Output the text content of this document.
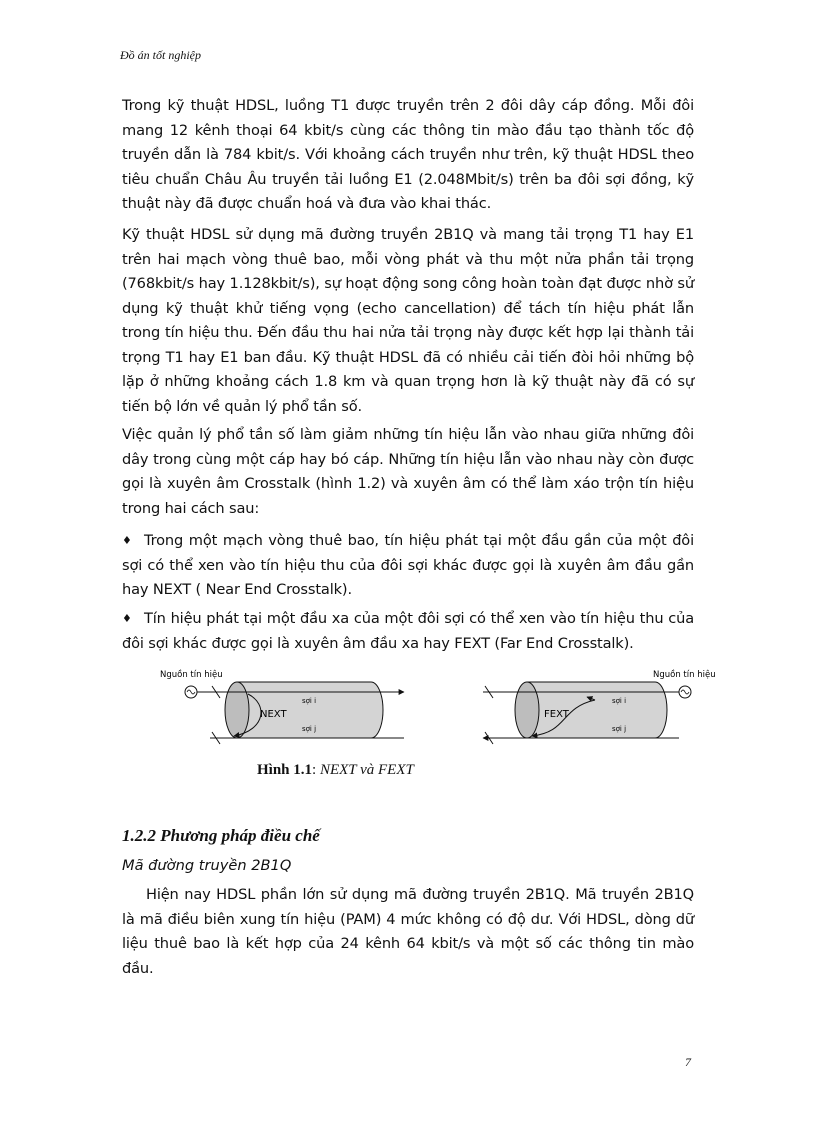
Đồ án tốt nghiệp

Trong kỹ thuật HDSL, luồng T1 được truyền trên 2 đôi dây cáp đồng. Mỗi đôi mang 12 kênh thoại 64 kbit/s cùng các thông tin mào đầu tạo thành tốc độ truyền dẫn là 784 kbit/s. Với khoảng cách truyền như trên, kỹ thuật HDSL theo tiêu chuẩn Châu Âu truyền tải luồng E1 (2.048Mbit/s) trên ba đôi sợi đồng, kỹ thuật này đã được chuẩn hoá và đưa vào khai thác.

Kỹ thuật HDSL sử dụng mã đường truyền 2B1Q và mang tải trọng T1 hay E1 trên hai mạch vòng thuê bao, mỗi vòng phát và thu một nửa phần tải trọng (768kbit/s hay 1.128kbit/s), sự hoạt động song công hoàn toàn đạt được nhờ sử dụng kỹ thuật khử tiếng vọng (echo cancellation) để tách tín hiệu phát lẫn trong tín hiệu thu. Đến đầu thu hai nửa tải trọng này được kết hợp lại thành tải trọng T1 hay E1 ban đầu. Kỹ thuật HDSL đã có nhiều cải tiến đòi hỏi những bộ lặp ở những khoảng cách 1.8 km và quan trọng hơn là kỹ thuật này đã có sự tiến bộ lớn về quản lý phổ tần số.

Việc quản lý phổ tần số làm giảm những tín hiệu lẫn vào nhau giữa những đôi dây trong cùng một cáp hay bó cáp. Những tín hiệu lẫn vào nhau này còn được gọi là xuyên âm Crosstalk (hình 1.2) và xuyên âm có thể làm xáo trộn tín hiệu trong hai cách sau:

♦ Trong một mạch vòng thuê bao, tín hiệu phát tại một đầu gần của một đôi sợi có thể xen vào tín hiệu thu của đôi sợi khác được gọi là xuyên âm đầu gần hay NEXT ( Near End Crosstalk).

♦ Tín hiệu phát tại một đầu xa của một đôi sợi có thể xen vào tín hiệu thu của đôi sợi khác được gọi là xuyên âm đầu xa hay FEXT (Far End Crosstalk).

Nguồn tín hiệu
NEXT
sợi i
sợi j
Nguồn tín hiệu
FEXT
sợi i
sợi j
Hình 1.1: NEXT và FEXT
1.2.2 Phương pháp điều chế
Mã đường truyền 2B1Q

Hiện nay HDSL phần lớn sử dụng mã đường truyền 2B1Q. Mã truyền 2B1Q là mã điều biên xung tín hiệu (PAM) 4 mức không có độ dư. Với HDSL, dòng dữ liệu thuê bao là kết hợp của 24 kênh 64 kbit/s và một số các thông tin mào đầu.

7
